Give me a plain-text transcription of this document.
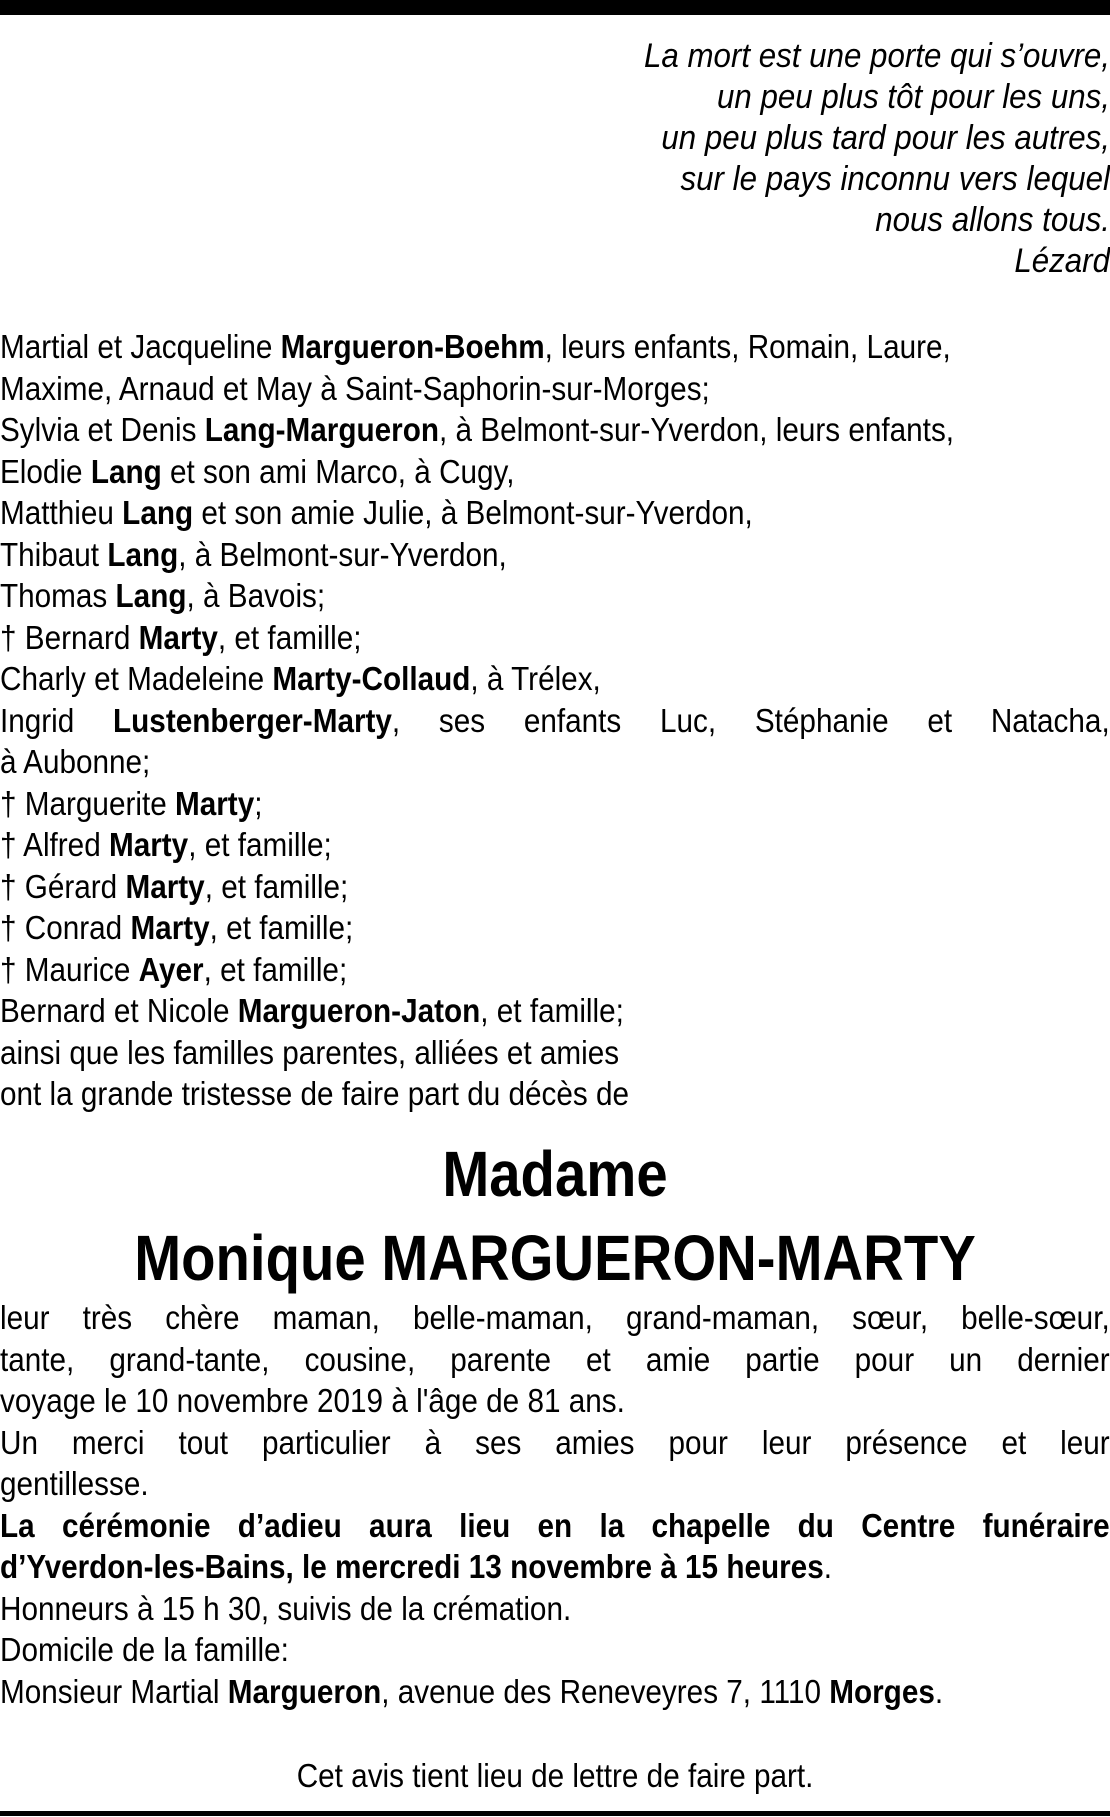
La mort est une porte qui s’ouvre,
un peu plus tôt pour les uns,
un peu plus tard pour les autres,
sur le pays inconnu vers lequel
nous allons tous.
Lézard
Martial et Jacqueline Margueron-Boehm, leurs enfants, Romain, Laure,
Maxime, Arnaud et May à Saint-Saphorin-sur-Morges;
Sylvia et Denis Lang-Margueron, à Belmont-sur-Yverdon, leurs enfants,
Elodie Lang et son ami Marco, à Cugy,
Matthieu Lang et son amie Julie, à Belmont-sur-Yverdon,
Thibaut Lang, à Belmont-sur-Yverdon,
Thomas Lang, à Bavois;
† Bernard Marty, et famille;
Charly et Madeleine Marty-Collaud, à Trélex,
Ingrid Lustenberger-Marty, ses enfants Luc, Stéphanie et Natacha,
à Aubonne;
† Marguerite Marty;
† Alfred Marty, et famille;
† Gérard Marty, et famille;
† Conrad Marty, et famille;
† Maurice Ayer, et famille;
Bernard et Nicole Margueron-Jaton, et famille;
ainsi que les familles parentes, alliées et amies
ont la grande tristesse de faire part du décès de
Madame
Monique MARGUERON-MARTY
leur très chère maman, belle-maman, grand-maman, sœur, belle-sœur,
tante, grand-tante, cousine, parente et amie partie pour un dernier
voyage le 10 novembre 2019 à l'âge de 81 ans.
Un merci tout particulier à ses amies pour leur présence et leur
gentillesse.
La cérémonie d’adieu aura lieu en la chapelle du Centre funéraire
d’Yverdon-les-Bains, le mercredi 13 novembre à 15 heures.
Honneurs à 15 h 30, suivis de la crémation.
Domicile de la famille:
Monsieur Martial Margueron, avenue des Reneveyres 7, 1110 Morges.
Cet avis tient lieu de lettre de faire part.
